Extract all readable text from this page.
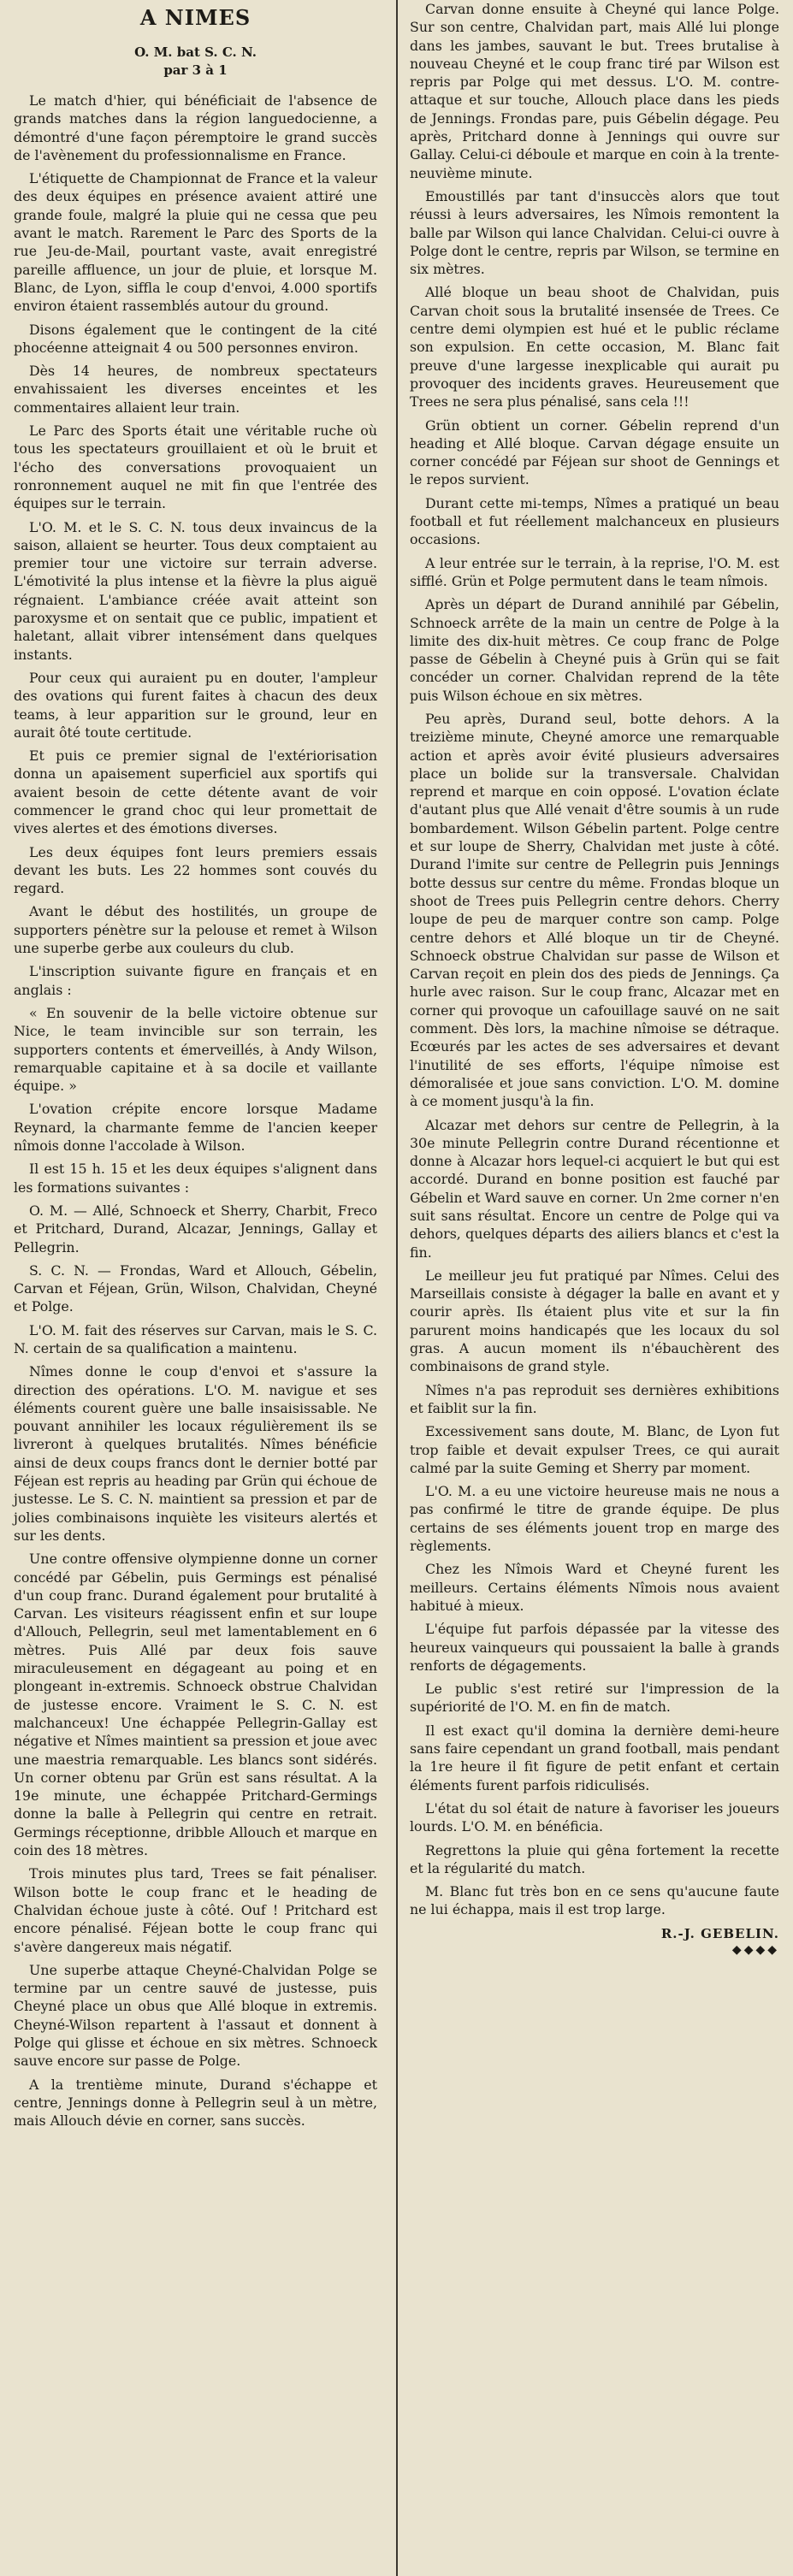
A NIMES
O. M. bat S. C. N.
par 3 à 1

Le match d'hier, qui bénéficiait de l'absence de grands matches dans la région languedocienne, a démontré d'une façon péremptoire le grand succès de l'avènement du professionnalisme en France.

L'étiquette de Championnat de France et la valeur des deux équipes en présence avaient attiré une grande foule, malgré la pluie qui ne cessa que peu avant le match. Rarement le Parc des Sports de la rue Jeu-de-Mail, pourtant vaste, avait enregistré pareille affluence, un jour de pluie, et lorsque M. Blanc, de Lyon, siffla le coup d'envoi, 4.000 sportifs environ étaient rassemblés autour du ground.

Disons également que le contingent de la cité phocéenne atteignait 4 ou 500 personnes environ.

Dès 14 heures, de nombreux spectateurs envahissaient les diverses enceintes et les commentaires allaient leur train.

Le Parc des Sports était une véritable ruche où tous les spectateurs grouillaient et où le bruit et l'écho des conversations provoquaient un ronronnement auquel ne mit fin que l'entrée des équipes sur le terrain.

L'O. M. et le S. C. N. tous deux invaincus de la saison, allaient se heurter. Tous deux comptaient au premier tour une victoire sur terrain adverse. L'émotivité la plus intense et la fièvre la plus aiguë régnaient. L'ambiance créée avait atteint son paroxysme et on sentait que ce public, impatient et haletant, allait vibrer intensément dans quelques instants.

Pour ceux qui auraient pu en douter, l'ampleur des ovations qui furent faites à chacun des deux teams, à leur apparition sur le ground, leur en aurait ôté toute certitude.

Et puis ce premier signal de l'extériorisation donna un apaisement superficiel aux sportifs qui avaient besoin de cette détente avant de voir commencer le grand choc qui leur promettait de vives alertes et des émotions diverses.

Les deux équipes font leurs premiers essais devant les buts. Les 22 hommes sont couvés du regard.

Avant le début des hostilités, un groupe de supporters pénètre sur la pelouse et remet à Wilson une superbe gerbe aux couleurs du club.

L'inscription suivante figure en français et en anglais :

« En souvenir de la belle victoire obtenue sur Nice, le team invincible sur son terrain, les supporters contents et émerveillés, à Andy Wilson, remarquable capitaine et à sa docile et vaillante équipe. »

L'ovation crépite encore lorsque Madame Reynard, la charmante femme de l'ancien keeper nîmois donne l'accolade à Wilson.

Il est 15 h. 15 et les deux équipes s'alignent dans les formations suivantes :

O. M. — Allé, Schnoeck et Sherry, Charbit, Freco et Pritchard, Durand, Alcazar, Jennings, Gallay et Pellegrin.

S. C. N. — Frondas, Ward et Allouch, Gébelin, Carvan et Féjean, Grün, Wilson, Chalvidan, Cheyné et Polge.

L'O. M. fait des réserves sur Carvan, mais le S. C. N. certain de sa qualification a maintenu.

Nîmes donne le coup d'envoi et s'assure la direction des opérations. L'O. M. navigue et ses éléments courent guère une balle insaisissable. Ne pouvant annihiler les locaux régulièrement ils se livreront à quelques brutalités. Nîmes bénéficie ainsi de deux coups francs dont le dernier botté par Féjean est repris au heading par Grün qui échoue de justesse. Le S. C. N. maintient sa pression et par de jolies combinaisons inquiète les visiteurs alertés et sur les dents.

Une contre offensive olympienne donne un corner concédé par Gébelin, puis Germings est pénalisé d'un coup franc. Durand également pour brutalité à Carvan. Les visiteurs réagissent enfin et sur loupe d'Allouch, Pellegrin, seul met lamentablement en 6 mètres. Puis Allé par deux fois sauve miraculeusement en dégageant au poing et en plongeant in-extremis. Schnoeck obstrue Chalvidan de justesse encore. Vraiment le S. C. N. est malchanceux! Une échappée Pellegrin-Gallay est négative et Nîmes maintient sa pression et joue avec une maestria remarquable. Les blancs sont sidérés. Un corner obtenu par Grün est sans résultat. A la 19e minute, une échappée Pritchard-Germings donne la balle à Pellegrin qui centre en retrait. Germings réceptionne, dribble Allouch et marque en coin des 18 mètres.

Trois minutes plus tard, Trees se fait pénaliser. Wilson botte le coup franc et le heading de Chalvidan échoue juste à côté. Ouf ! Pritchard est encore pénalisé. Féjean botte le coup franc qui s'avère dangereux mais négatif.

Une superbe attaque Cheyné-Chalvidan Polge se termine par un centre sauvé de justesse, puis Cheyné place un obus que Allé bloque in extremis. Cheyné-Wilson repartent à l'assaut et donnent à Polge qui glisse et échoue en six mètres. Schnoeck sauve encore sur passe de Polge.

A la trentième minute, Durand s'échappe et centre, Jennings donne à Pellegrin seul à un mètre, mais Allouch dévie en corner, sans succès.

Carvan donne ensuite à Cheyné qui lance Polge. Sur son centre, Chalvidan part, mais Allé lui plonge dans les jambes, sauvant le but. Trees brutalise à nouveau Cheyné et le coup franc tiré par Wilson est repris par Polge qui met dessus. L'O. M. contre-attaque et sur touche, Allouch place dans les pieds de Jennings. Frondas pare, puis Gébelin dégage. Peu après, Pritchard donne à Jennings qui ouvre sur Gallay. Celui-ci déboule et marque en coin à la trente-neuvième minute.

Emoustillés par tant d'insuccès alors que tout réussi à leurs adversaires, les Nîmois remontent la balle par Wilson qui lance Chalvidan. Celui-ci ouvre à Polge dont le centre, repris par Wilson, se termine en six mètres.

Allé bloque un beau shoot de Chalvidan, puis Carvan choit sous la brutalité insensée de Trees. Ce centre demi olympien est hué et le public réclame son expulsion. En cette occasion, M. Blanc fait preuve d'une largesse inexplicable qui aurait pu provoquer des incidents graves. Heureusement que Trees ne sera plus pénalisé, sans cela !!!

Grün obtient un corner. Gébelin reprend d'un heading et Allé bloque. Carvan dégage ensuite un corner concédé par Féjean sur shoot de Gennings et le repos survient.

Durant cette mi-temps, Nîmes a pratiqué un beau football et fut réellement malchanceux en plusieurs occasions.

A leur entrée sur le terrain, à la reprise, l'O. M. est sifflé. Grün et Polge permutent dans le team nîmois.

Après un départ de Durand annihilé par Gébelin, Schnoeck arrête de la main un centre de Polge à la limite des dix-huit mètres. Ce coup franc de Polge passe de Gébelin à Cheyné puis à Grün qui se fait concéder un corner. Chalvidan reprend de la tête puis Wilson échoue en six mètres.

Peu après, Durand seul, botte dehors. A la treizième minute, Cheyné amorce une remarquable action et après avoir évité plusieurs adversaires place un bolide sur la transversale. Chalvidan reprend et marque en coin opposé. L'ovation éclate d'autant plus que Allé venait d'être soumis à un rude bombardement. Wilson Gébelin partent. Polge centre et sur loupe de Sherry, Chalvidan met juste à côté. Durand l'imite sur centre de Pellegrin puis Jennings botte dessus sur centre du même. Frondas bloque un shoot de Trees puis Pellegrin centre dehors. Cherry loupe de peu de marquer contre son camp. Polge centre dehors et Allé bloque un tir de Cheyné. Schnoeck obstrue Chalvidan sur passe de Wilson et Carvan reçoit en plein dos des pieds de Jennings. Ça hurle avec raison. Sur le coup franc, Alcazar met en corner qui provoque un cafouillage sauvé on ne sait comment. Dès lors, la machine nîmoise se détraque. Ecœurés par les actes de ses adversaires et devant l'inutilité de ses efforts, l'équipe nîmoise est démoralisée et joue sans conviction. L'O. M. domine à ce moment jusqu'à la fin.

Alcazar met dehors sur centre de Pellegrin, à la 30e minute Pellegrin contre Durand récentionne et donne à Alcazar hors lequel-ci acquiert le but qui est accordé. Durand en bonne position est fauché par Gébelin et Ward sauve en corner. Un 2me corner n'en suit sans résultat. Encore un centre de Polge qui va dehors, quelques départs des ailiers blancs et c'est la fin.

Le meilleur jeu fut pratiqué par Nîmes. Celui des Marseillais consiste à dégager la balle en avant et y courir après. Ils étaient plus vite et sur la fin parurent moins handicapés que les locaux du sol gras. A aucun moment ils n'ébauchèrent des combinaisons de grand style.

Nîmes n'a pas reproduit ses dernières exhibitions et faiblit sur la fin.

Excessivement sans doute, M. Blanc, de Lyon fut trop faible et devait expulser Trees, ce qui aurait calmé par la suite Geming et Sherry par moment.

L'O. M. a eu une victoire heureuse mais ne nous a pas confirmé le titre de grande équipe. De plus certains de ses éléments jouent trop en marge des règlements.

Chez les Nîmois Ward et Cheyné furent les meilleurs. Certains éléments Nîmois nous avaient habitué à mieux.

L'équipe fut parfois dépassée par la vitesse des heureux vainqueurs qui poussaient la balle à grands renforts de dégagements.

Le public s'est retiré sur l'impression de la supériorité de l'O. M. en fin de match.

Il est exact qu'il domina la dernière demi-heure sans faire cependant un grand football, mais pendant la 1re heure il fit figure de petit enfant et certain éléments furent parfois ridiculisés.

L'état du sol était de nature à favoriser les joueurs lourds. L'O. M. en bénéficia.

Regrettons la pluie qui gêna fortement la recette et la régularité du match.

M. Blanc fut très bon en ce sens qu'aucune faute ne lui échappa, mais il est trop large.

R.-J. GEBELIN.
◆◆◆◆
